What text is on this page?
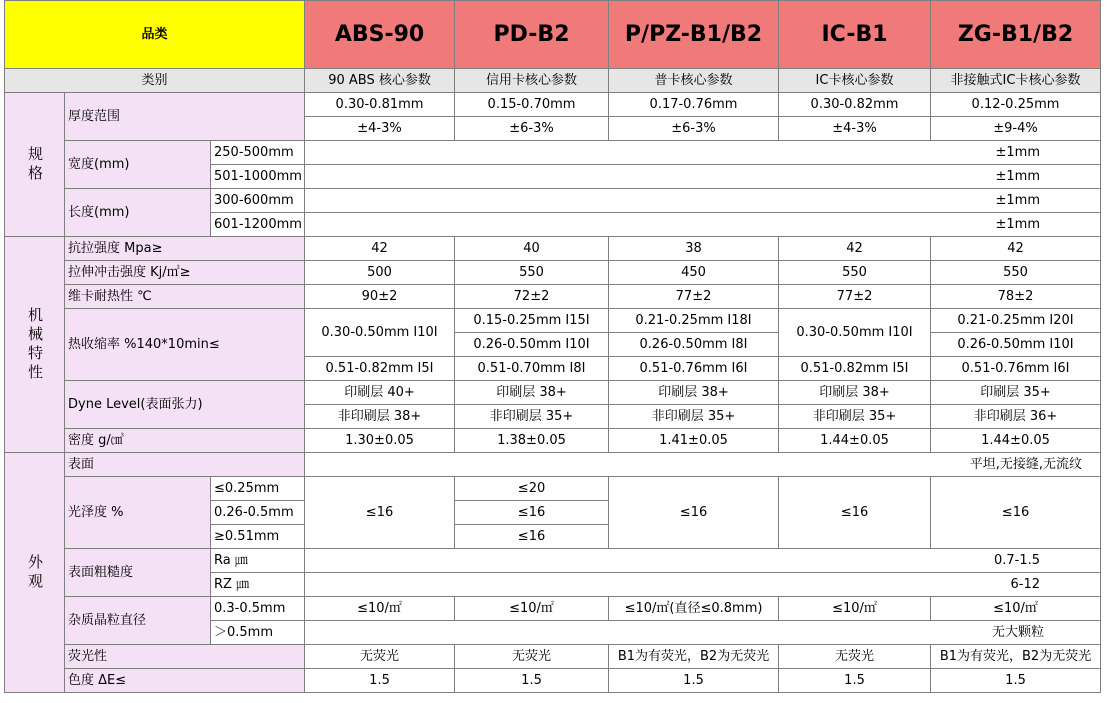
品类			ABS-90	PD-B2	P/PZ-B1/B2	IC-B1	ZG-B1/B2
类别			90 ABS 核心参数	信用卡核心参数	普卡核心参数	IC卡核心参数	非接触式IC卡核心参数
规格	厚度范围		0.30-0.81mm	0.15-0.70mm	0.17-0.76mm	0.30-0.82mm	0.12-0.25mm
			±4-3%	±6-3%	±6-3%	±4-3%	±9-4%
	宽度(mm)	250-500mm	±1mm				
		501-1000mm	±1mm				
	长度(mm)	300-600mm	±1mm				
		601-1200mm	±1mm				
机械特性	抗拉强度 Mpa≥		42	40	38	42	42
	拉伸冲击强度 Kj/㎡≥		500	550	450	550	550
	维卡耐热性 ℃		90±2	72±2	77±2	77±2	78±2
	热收缩率 %140*10min≤		0.30-0.50mm I10I	0.15-0.25mm I15I	0.21-0.25mm I18I	0.30-0.50mm I10I	0.21-0.25mm I20I
				0.26-0.50mm I10I	0.26-0.50mm I8I		0.26-0.50mm I10I
			0.51-0.82mm I5I	0.51-0.70mm I8I	0.51-0.76mm I6I	0.51-0.82mm I5I	0.51-0.76mm I6I
	Dyne Level(表面张力)		印刷层 40+	印刷层 38+	印刷层 38+	印刷层 38+	印刷层 35+
			非印刷层 38+	非印刷层 35+	非印刷层 35+	非印刷层 35+	非印刷层 36+
	密度 g/㎤		1.30±0.05	1.38±0.05	1.41±0.05	1.44±0.05	1.44±0.05
外观	表面		平坦,无接缝,无流纹				
	光泽度 %	≤0.25mm	≤16	≤20	≤16	≤16	≤16
		0.26-0.5mm		≤16			
		≥0.51mm		≤16			
	表面粗糙度	Ra ㎛	0.7-1.5				
		RZ ㎛	6-12				
	杂质晶粒直径	0.3-0.5mm	≤10/㎡	≤10/㎡	≤10/㎡(直径≤0.8mm)	≤10/㎡	≤10/㎡
		＞0.5mm	无大颗粒				
	荧光性		无荧光	无荧光	B1为有荧光，B2为无荧光	无荧光	B1为有荧光，B2为无荧光
	色度 ΔE≤		1.5	1.5	1.5	1.5	1.5
